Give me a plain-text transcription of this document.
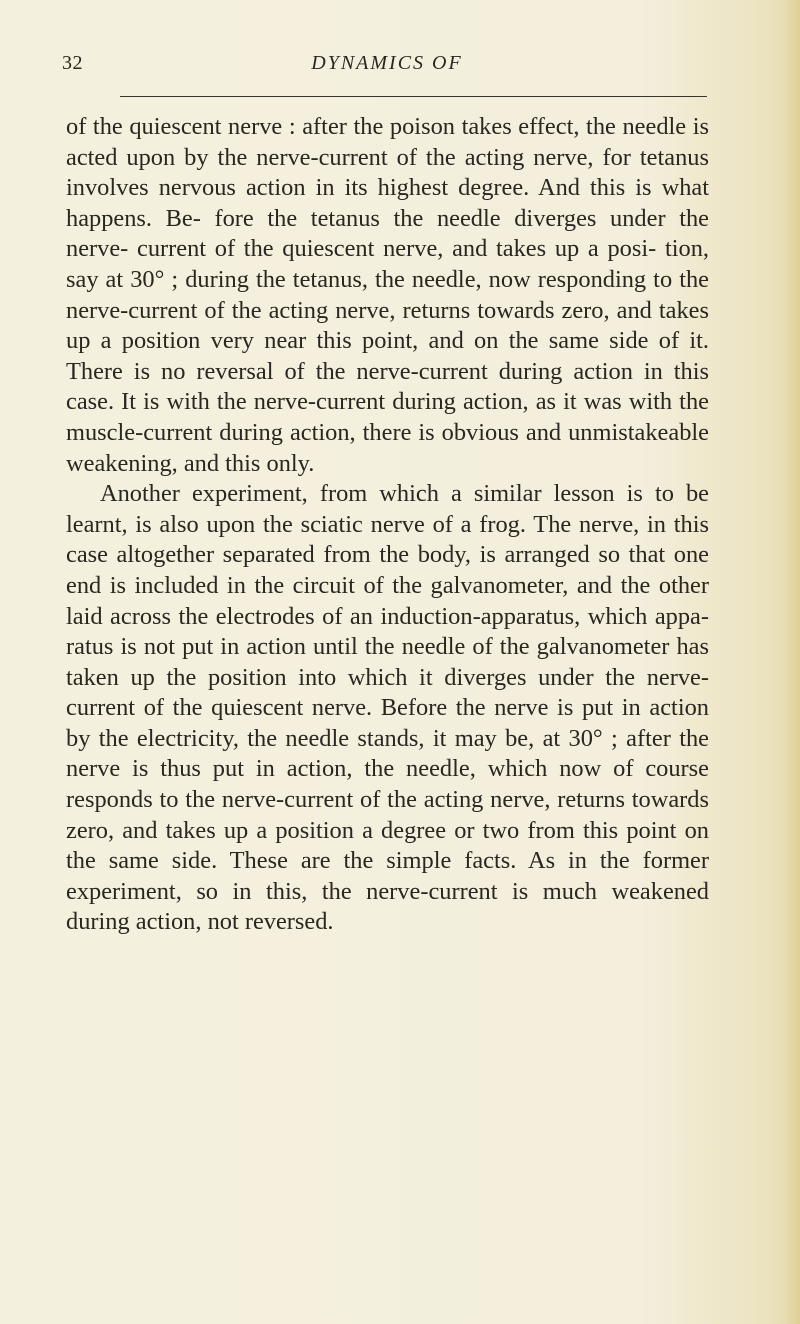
32	DYNAMICS OF

of the quiescent nerve : after the poison takes effect, the needle is acted upon by the nerve-current of the acting nerve, for tetanus involves nervous action in its highest degree. And this is what happens. Be- fore the tetanus the needle diverges under the nerve- current of the quiescent nerve, and takes up a posi- tion, say at 30° ; during the tetanus, the needle, now responding to the nerve-current of the acting nerve, returns towards zero, and takes up a position very near this point, and on the same side of it. There is no reversal of the nerve-current during action in this case. It is with the nerve-current during action, as it was with the muscle-current during action, there is obvious and unmistakeable weakening, and this only.

Another experiment, from which a similar lesson is to be learnt, is also upon the sciatic nerve of a frog. The nerve, in this case altogether separated from the body, is arranged so that one end is included in the circuit of the galvanometer, and the other laid across the electrodes of an induction-apparatus, which appa- ratus is not put in action until the needle of the galvanometer has taken up the position into which it diverges under the nerve-current of the quiescent nerve. Before the nerve is put in action by the electricity, the needle stands, it may be, at 30° ; after the nerve is thus put in action, the needle, which now of course responds to the nerve-current of the acting nerve, returns towards zero, and takes up a position a degree or two from this point on the same side. These are the simple facts. As in the former experiment, so in this, the nerve-current is much weakened during action, not reversed.
